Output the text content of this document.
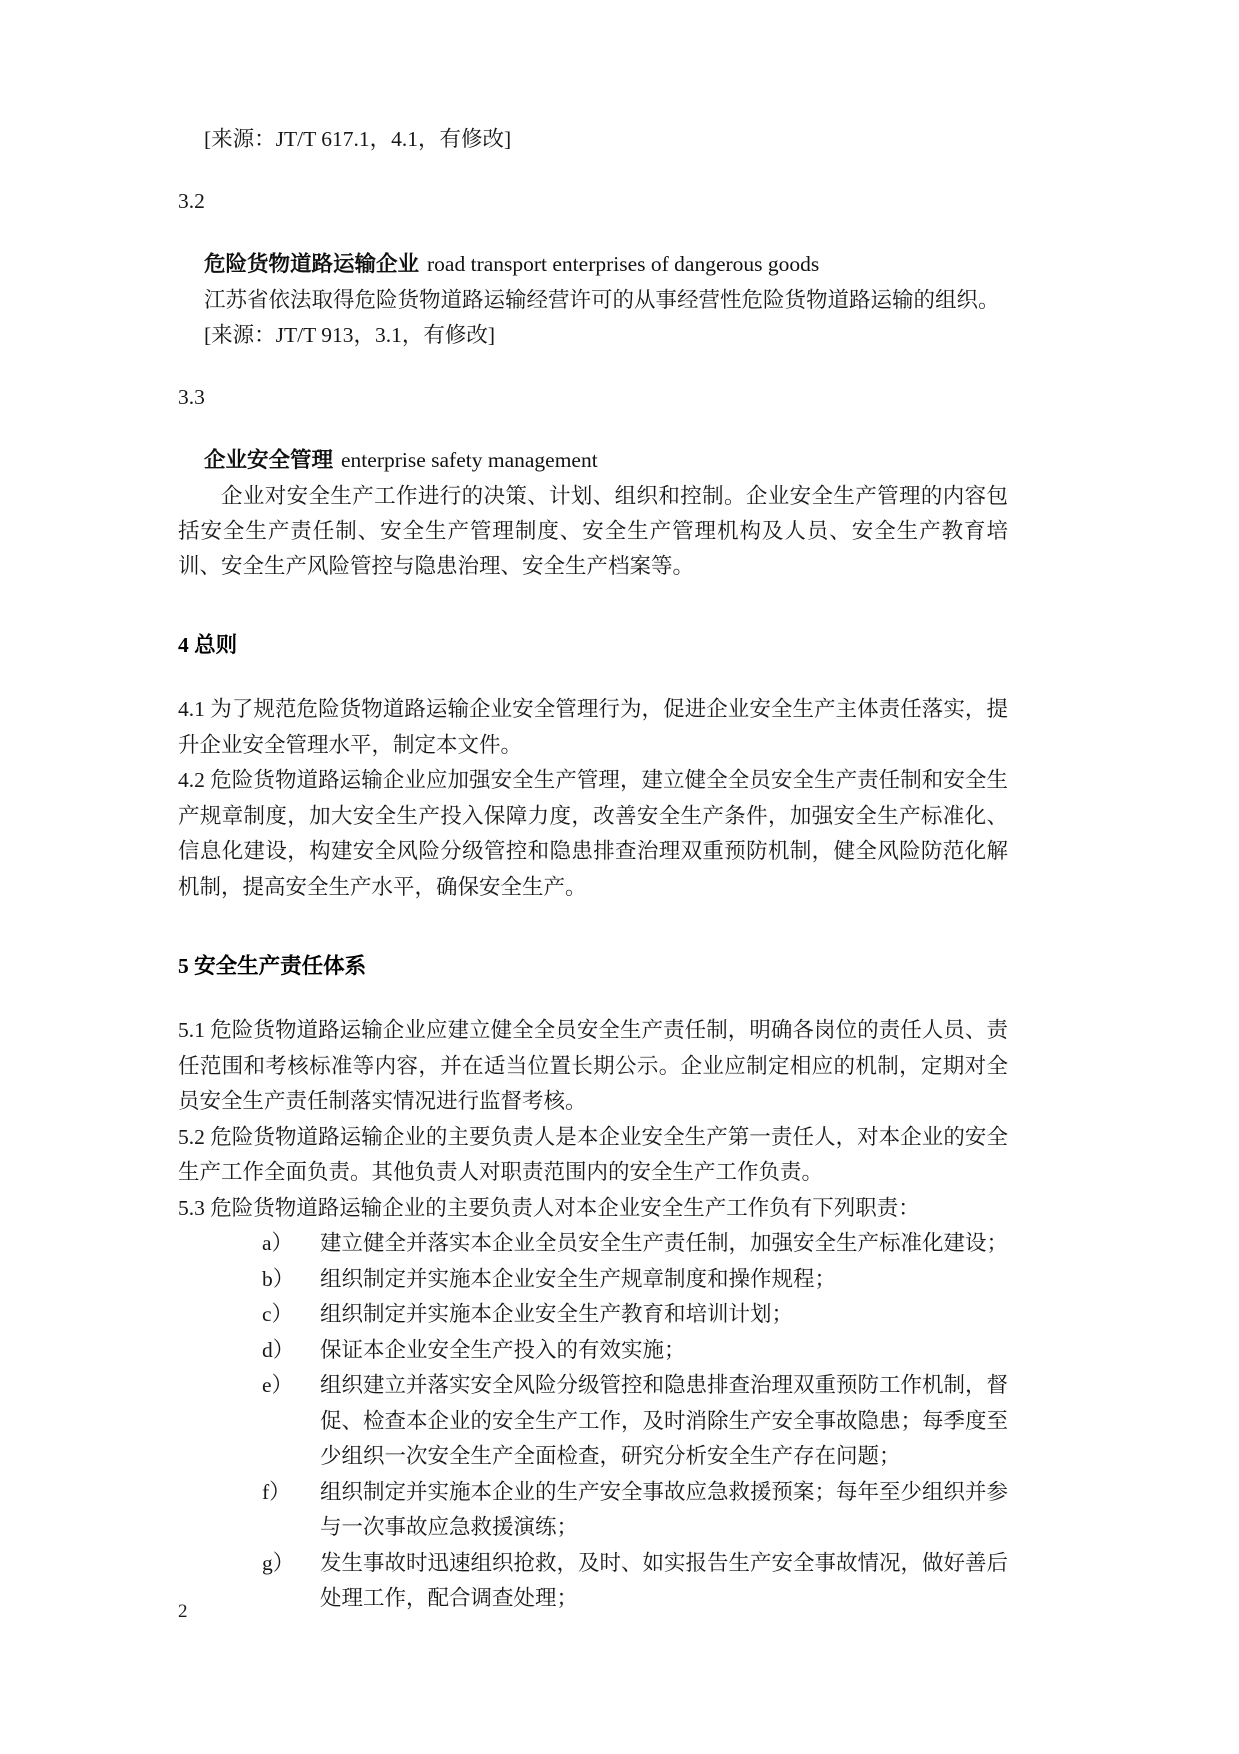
[来源：JT/T 617.1，4.1，有修改]

3.2

危险货物道路运输企业 road transport enterprises of dangerous goods

江苏省依法取得危险货物道路运输经营许可的从事经营性危险货物道路运输的组织。

[来源：JT/T 913，3.1，有修改]

3.3

企业安全管理 enterprise safety management

企业对安全生产工作进行的决策、计划、组织和控制。企业安全生产管理的内容包括安全生产责任制、安全生产管理制度、安全生产管理机构及人员、安全生产教育培训、安全生产风险管控与隐患治理、安全生产档案等。

4 总则

4.1 为了规范危险货物道路运输企业安全管理行为，促进企业安全生产主体责任落实，提升企业安全管理水平，制定本文件。

4.2 危险货物道路运输企业应加强安全生产管理，建立健全全员安全生产责任制和安全生产规章制度，加大安全生产投入保障力度，改善安全生产条件，加强安全生产标准化、信息化建设，构建安全风险分级管控和隐患排查治理双重预防机制，健全风险防范化解机制，提高安全生产水平，确保安全生产。

5 安全生产责任体系

5.1 危险货物道路运输企业应建立健全全员安全生产责任制，明确各岗位的责任人员、责任范围和考核标准等内容，并在适当位置长期公示。企业应制定相应的机制，定期对全员安全生产责任制落实情况进行监督考核。

5.2 危险货物道路运输企业的主要负责人是本企业安全生产第一责任人，对本企业的安全生产工作全面负责。其他负责人对职责范围内的安全生产工作负责。

5.3 危险货物道路运输企业的主要负责人对本企业安全生产工作负有下列职责：

a） 建立健全并落实本企业全员安全生产责任制，加强安全生产标准化建设；
b） 组织制定并实施本企业安全生产规章制度和操作规程；
c） 组织制定并实施本企业安全生产教育和培训计划；
d） 保证本企业安全生产投入的有效实施；
e） 组织建立并落实安全风险分级管控和隐患排查治理双重预防工作机制，督促、检查本企业的安全生产工作，及时消除生产安全事故隐患；每季度至少组织一次安全生产全面检查，研究分析安全生产存在问题；
f） 组织制定并实施本企业的生产安全事故应急救援预案；每年至少组织并参与一次事故应急救援演练；
g） 发生事故时迅速组织抢救，及时、如实报告生产安全事故情况，做好善后处理工作，配合调查处理；
2
